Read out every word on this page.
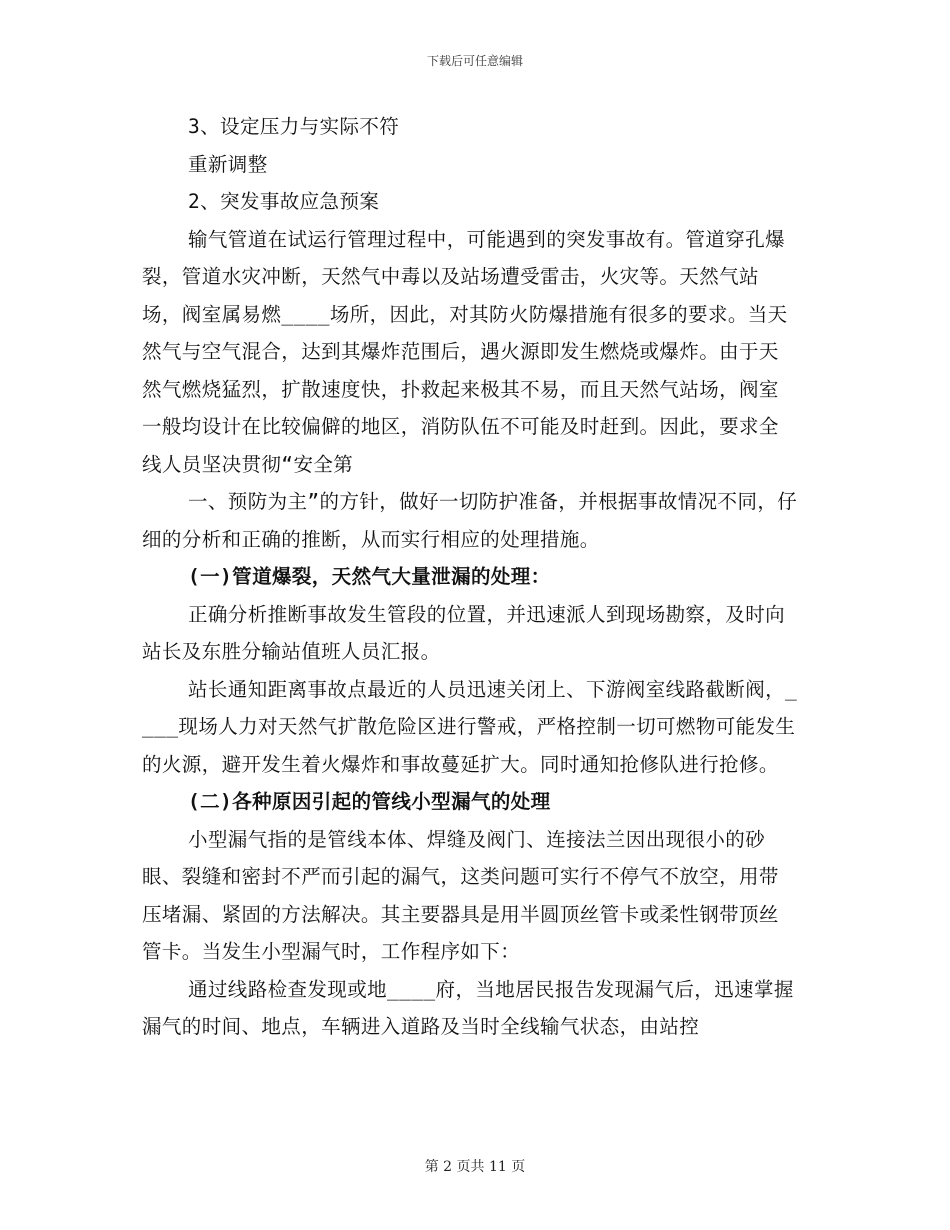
下载后可任意编辑

3、设定压力与实际不符

重新调整

2、突发事故应急预案

输气管道在试运行管理过程中，可能遇到的突发事故有。管道穿孔爆裂，管道水灾冲断，天然气中毒以及站场遭受雷击，火灾等。天然气站场，阀室属易燃____场所，因此，对其防火防爆措施有很多的要求。当天然气与空气混合，达到其爆炸范围后，遇火源即发生燃烧或爆炸。由于天然气燃烧猛烈，扩散速度快，扑救起来极其不易，而且天然气站场，阀室一般均设计在比较偏僻的地区，消防队伍不可能及时赶到。因此，要求全线人员坚决贯彻“安全第

一、预防为主”的方针，做好一切防护准备，并根据事故情况不同，仔细的分析和正确的推断，从而实行相应的处理措施。

(一)管道爆裂，天然气大量泄漏的处理：

正确分析推断事故发生管段的位置，并迅速派人到现场勘察，及时向站长及东胜分输站值班人员汇报。

站长通知距离事故点最近的人员迅速关闭上、下游阀室线路截断阀，____现场人力对天然气扩散危险区进行警戒，严格控制一切可燃物可能发生的火源，避开发生着火爆炸和事故蔓延扩大。同时通知抢修队进行抢修。

(二)各种原因引起的管线小型漏气的处理

小型漏气指的是管线本体、焊缝及阀门、连接法兰因出现很小的砂眼、裂缝和密封不严而引起的漏气，这类问题可实行不停气不放空，用带压堵漏、紧固的方法解决。其主要器具是用半圆顶丝管卡或柔性钢带顶丝管卡。当发生小型漏气时，工作程序如下：

通过线路检查发现或地____府，当地居民报告发现漏气后，迅速掌握漏气的时间、地点，车辆进入道路及当时全线输气状态，由站控

第 2 页共 11 页
